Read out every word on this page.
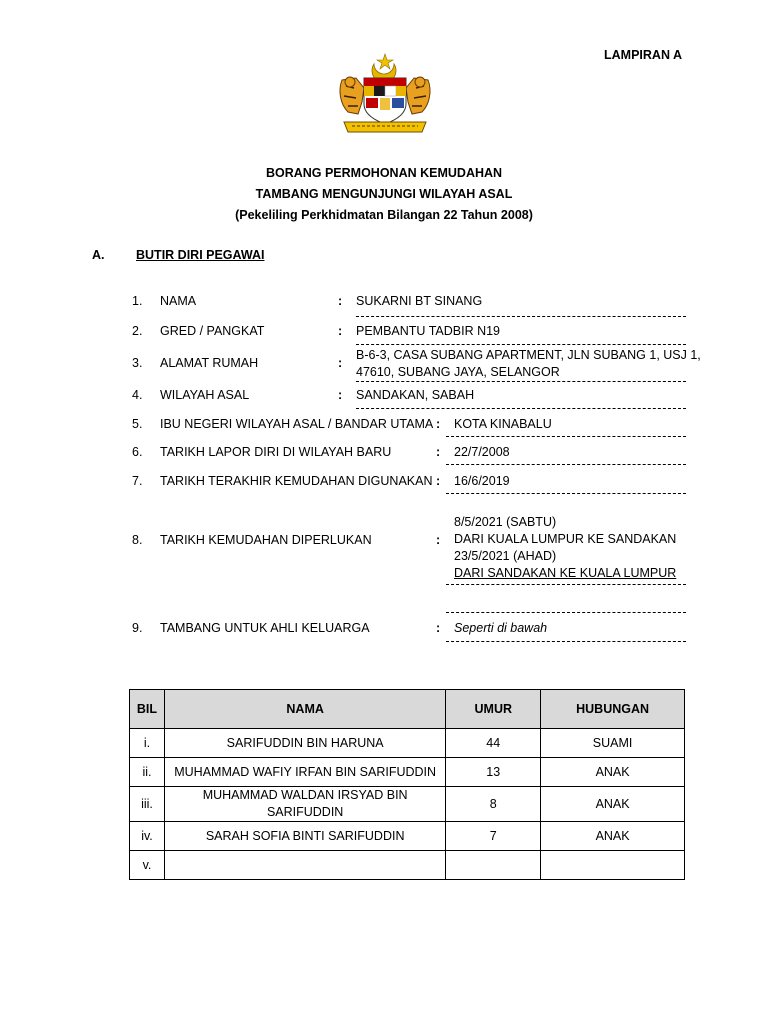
LAMPIRAN A
BORANG PERMOHONAN KEMUDAHAN
TAMBANG MENGUNJUNGI WILAYAH ASAL
(Pekeliling Perkhidmatan Bilangan 22 Tahun 2008)
A.	BUTIR DIRI PEGAWAI
1. NAMA	: SUKARNI BT SINANG
2. GRED / PANGKAT	: PEMBANTU TADBIR N19
3. ALAMAT RUMAH	:
B-6-3, CASA SUBANG APARTMENT, JLN SUBANG 1, USJ 1,
47610, SUBANG JAYA, SELANGOR
4. WILAYAH ASAL	: SANDAKAN, SABAH
5. IBU NEGERI WILAYAH ASAL / BANDAR UTAMA : KOTA KINABALU
6. TARIKH LAPOR DIRI DI WILAYAH BARU	: 22/7/2008
7. TARIKH TERAKHIR KEMUDAHAN DIGUNAKAN : 16/6/2019
8. TARIKH KEMUDAHAN DIPERLUKAN	:
8/5/2021 (SABTU)
DARI KUALA LUMPUR KE SANDAKAN
23/5/2021 (AHAD)
DARI SANDAKAN KE KUALA LUMPUR
9. TAMBANG UNTUK AHLI KELUARGA	: Seperti di bawah
BIL	NAMA	UMUR	HUBUNGAN
i.	SARIFUDDIN BIN HARUNA	44	SUAMI
ii.	MUHAMMAD WAFIY IRFAN BIN SARIFUDDIN	13	ANAK
iii.	MUHAMMAD WALDAN IRSYAD BIN
SARIFUDDIN	8	ANAK
iv.	SARAH SOFIA BINTI SARIFUDDIN	7	ANAK
v.			
